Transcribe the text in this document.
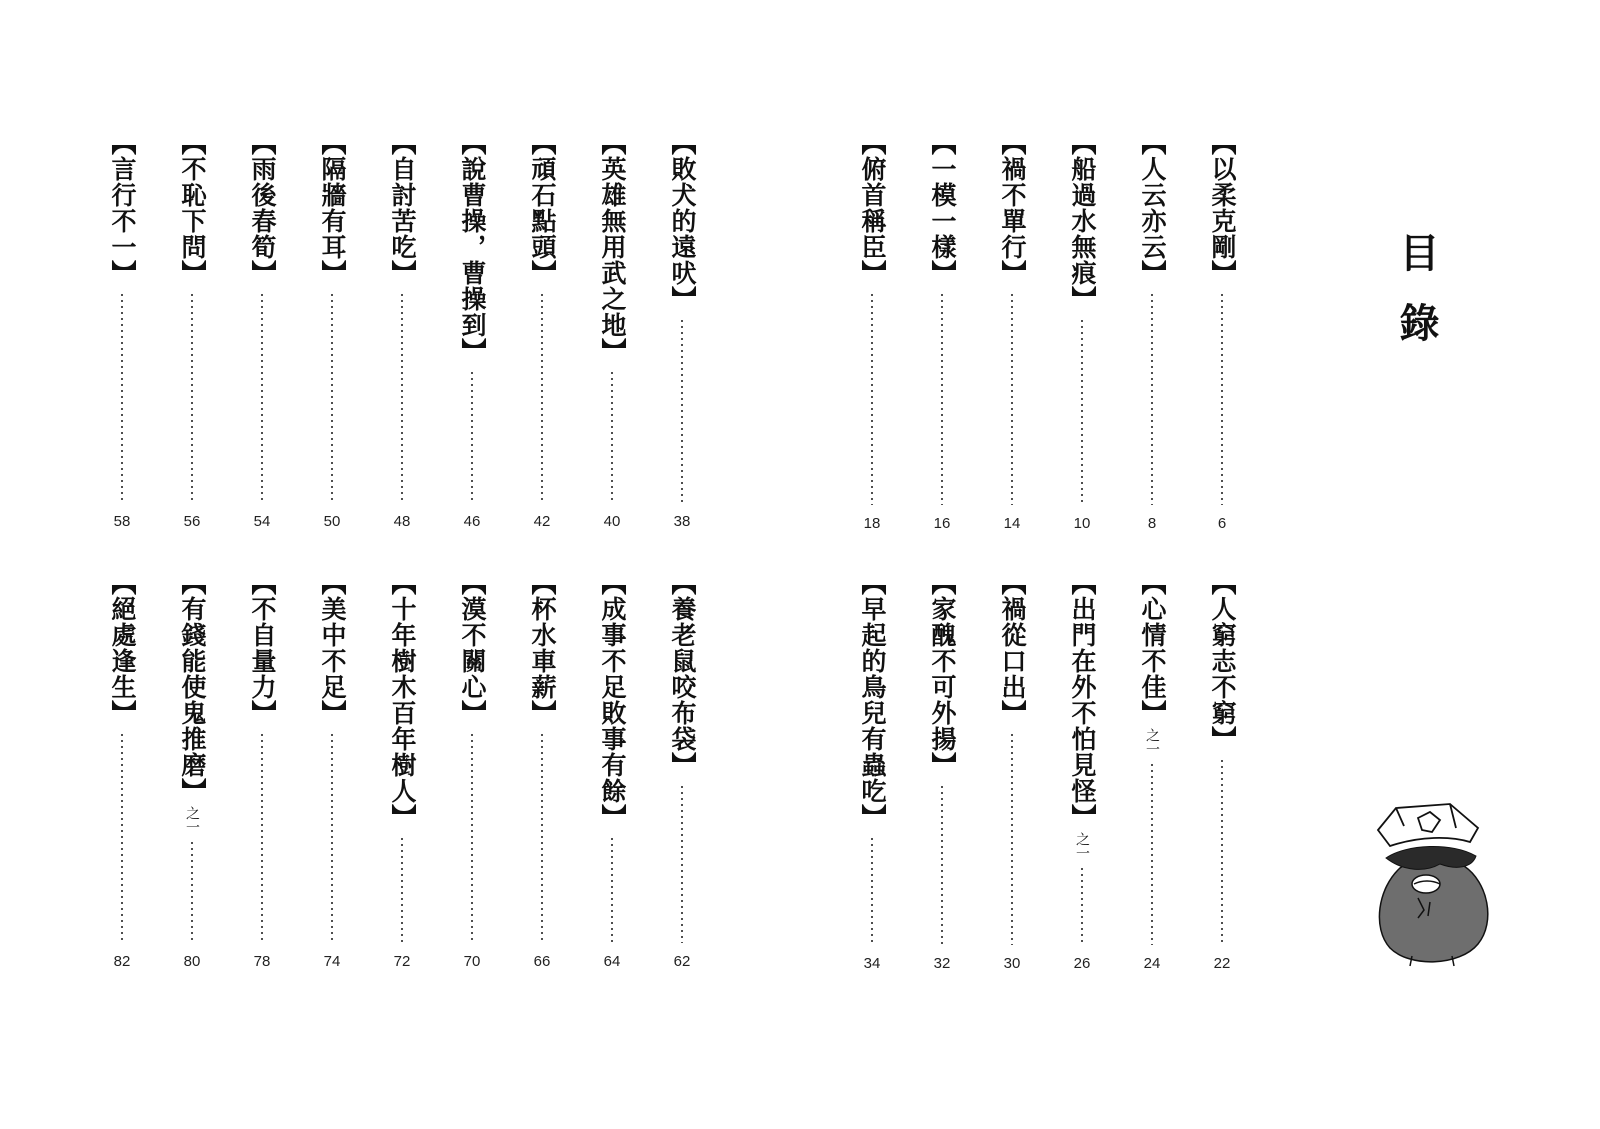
目錄
【以柔克剛】
6
【人云亦云】
8
【船過水無痕】
10
【禍不單行】
14
【一模一樣】
16
【俯首稱臣】
18
【人窮志不窮】
22
【心情不佳】
之一
24
【出門在外不怕見怪】
之一
26
【禍從口出】
30
【家醜不可外揚】
32
【早起的鳥兒有蟲吃】
34
【敗犬的遠吠】
38
【英雄無用武之地】
40
【頑石點頭】
42
【說曹操，曹操到】
46
【自討苦吃】
48
【隔牆有耳】
50
【雨後春筍】
54
【不恥下問】
56
【言行不一】
58
【養老鼠咬布袋】
62
【成事不足敗事有餘】
64
【杯水車薪】
66
【漠不關心】
70
【十年樹木百年樹人】
72
【美中不足】
74
【不自量力】
78
【有錢能使鬼推磨】
之一
80
【絕處逢生】
82
